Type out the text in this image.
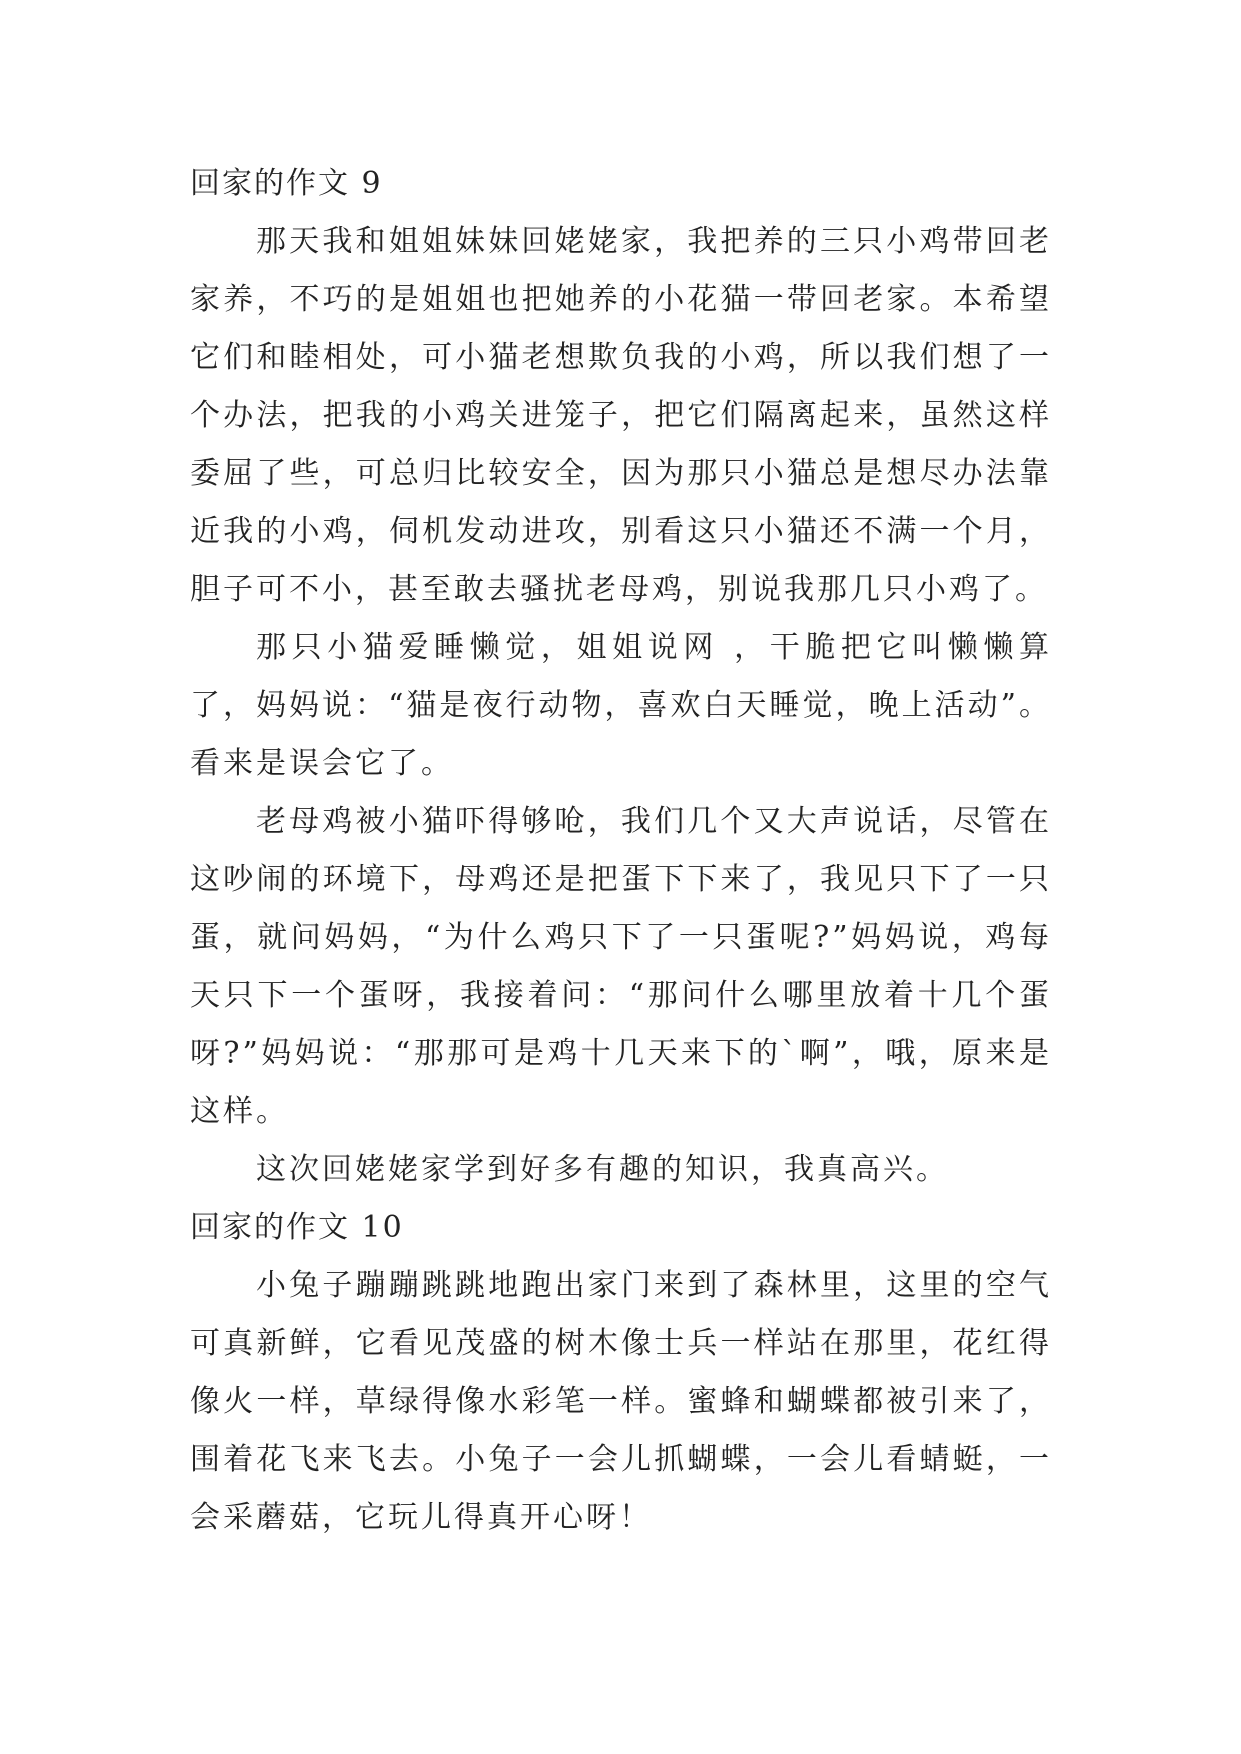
回家的作文 9

那天我和姐姐妹妹回姥姥家，我把养的三只小鸡带回老家养，不巧的是姐姐也把她养的小花猫一带回老家。本希望它们和睦相处，可小猫老想欺负我的小鸡，所以我们想了一个办法，把我的小鸡关进笼子，把它们隔离起来，虽然这样委屈了些，可总归比较安全，因为那只小猫总是想尽办法靠近我的小鸡，伺机发动进攻，别看这只小猫还不满一个月，胆子可不小，甚至敢去骚扰老母鸡，别说我那几只小鸡了。

那只小猫爱睡懒觉，姐姐说网 ，干脆把它叫懒懒算了，妈妈说：“猫是夜行动物，喜欢白天睡觉，晚上活动”。看来是误会它了。

老母鸡被小猫吓得够呛，我们几个又大声说话，尽管在这吵闹的环境下，母鸡还是把蛋下下来了，我见只下了一只蛋，就问妈妈，“为什么鸡只下了一只蛋呢?”妈妈说，鸡每天只下一个蛋呀，我接着问：“那问什么哪里放着十几个蛋呀?”妈妈说：“那那可是鸡十几天来下的`啊”，哦，原来是这样。

这次回姥姥家学到好多有趣的知识，我真高兴。

回家的作文 10

小兔子蹦蹦跳跳地跑出家门来到了森林里，这里的空气可真新鲜，它看见茂盛的树木像士兵一样站在那里，花红得像火一样，草绿得像水彩笔一样。蜜蜂和蝴蝶都被引来了，围着花飞来飞去。小兔子一会儿抓蝴蝶，一会儿看蜻蜓，一会采蘑菇，它玩儿得真开心呀！
